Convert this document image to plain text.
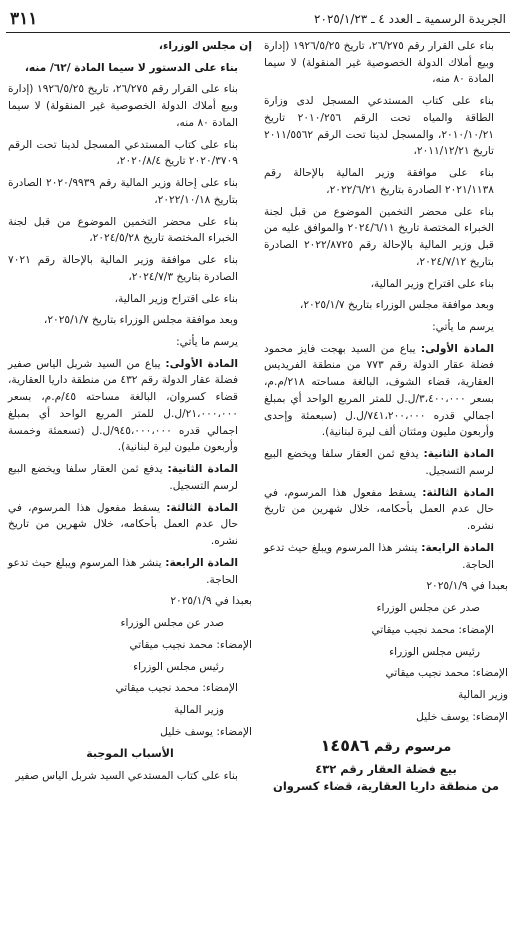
الجريدة الرسمية ـ العدد ٤ ـ ٢٠٢٥/١/٢٣
٣١١

بناء على القرار رقم ٢٦/٢٧٥، تاريخ ١٩٢٦/٥/٢٥ (إدارة وبيع أملاك الدولة الخصوصية غير المنقولة) لا سيما المادة ٨٠ منه،

بناء على كتاب المستدعي المسجل لدى وزارة الطاقة والمياه تحت الرقم ٢٠١٠/٢٥٦ تاريخ ٢٠١٠/١٠/٢١، والمسجل لدينا تحت الرقم ٢٠١١/٥٥٦٢ تاريخ ٢٠١١/١٢/٢١،

بناء على موافقة وزير المالية بالإحالة رقم ٢٠٢١/١١٣٨ الصادرة بتاريخ ٢٠٢٢/٦/٢١،

بناء على محضر التخمين الموضوع من قبل لجنة الخبراء المختصة تاريخ ٢٠٢٤/٦/١١ والموافق عليه من قبل وزير المالية بالإحالة رقم ٢٠٢٢/٨٧٢٥ الصادرة بتاريخ ٢٠٢٤/٧/١٢،

بناء على اقتراح وزير المالية،

وبعد موافقة مجلس الوزراء بتاريخ ٢٠٢٥/١/٧،

يرسم ما يأتي:

المادة الأولى: يباع من السيد بهجت فايز محمود فضلة عقار الدولة رقم ٧٧٣ من منطقة الفريديس العقارية، قضاء الشوف، البالغة مساحته ٢١٨/م.م، بسعر ٣،٤٠٠،٠٠٠/ل.ل للمتر المربع الواحد أي بمبلغ اجمالي قدره ٧٤١،٢٠٠،٠٠٠/ل.ل (سبعمئة وإحدى وأربعون مليون ومئتان ألف ليرة لبنانية).

المادة الثانية: يدفع ثمن العقار سلفا ويخضع البيع لرسم التسجيل.

المادة الثالثة: يسقط مفعول هذا المرسوم، في حال عدم العمل بأحكامه، خلال شهرين من تاريخ نشره.

المادة الرابعة: ينشر هذا المرسوم ويبلغ حيث تدعو الحاجة.

بعبدا في ٢٠٢٥/١/٩

صدر عن مجلس الوزراء

الإمضاء: محمد نجيب ميقاتي

رئيس مجلس الوزراء

الإمضاء: محمد نجيب ميقاتي

وزير المالية

الإمضاء: يوسف خليل

مرسوم رقم ١٤٥٨٦
بيع فضلة العقار رقم ٤٣٢
من منطقة داريا العقارية، قضاء كسروان

إن مجلس الوزراء،

بناء على الدستور لا سيما المادة /٦٢/ منه،

بناء على القرار رقم ٢٦/٢٧٥، تاريخ ١٩٢٦/٥/٢٥ (إدارة وبيع أملاك الدولة الخصوصية غير المنقولة) لا سيما المادة ٨٠ منه،

بناء على كتاب المستدعي المسجل لدينا تحت الرقم ٢٠٢٠/٣٧٠٩ تاريخ ٢٠٢٠/٨/٤،

بناء على إحالة وزير المالية رقم ٢٠٢٠/٩٩٣٩ الصادرة بتاريخ ٢٠٢٢/١٠/١٨،

بناء على محضر التخمين الموضوع من قبل لجنة الخبراء المختصة تاريخ ٢٠٢٤/٥/٢٨،

بناء على موافقة وزير المالية بالإحالة رقم ٧٠٢١ الصادرة بتاريخ ٢٠٢٤/٧/٣،

بناء على اقتراح وزير المالية،

وبعد موافقة مجلس الوزراء بتاريخ ٢٠٢٥/١/٧،

يرسم ما يأتي:

المادة الأولى: يباع من السيد شربل الياس صفير فضلة عقار الدولة رقم ٤٣٢ من منطقة داريا العقارية، قضاء كسروان، البالغة مساحته ٤٥/م.م، بسعر ٢١،٠٠٠،٠٠٠/ل.ل للمتر المربع الواحد أي بمبلغ اجمالي قدره ٩٤٥،٠٠٠،٠٠٠/ل.ل (تسعمئة وخمسة وأربعون مليون ليرة لبنانية).

المادة الثانية: يدفع ثمن العقار سلفا ويخضع البيع لرسم التسجيل.

المادة الثالثة: يسقط مفعول هذا المرسوم، في حال عدم العمل بأحكامه، خلال شهرين من تاريخ نشره.

المادة الرابعة: ينشر هذا المرسوم ويبلغ حيث تدعو الحاجة.

بعبدا في ٢٠٢٥/١/٩

صدر عن مجلس الوزراء

الإمضاء: محمد نجيب ميقاتي

رئيس مجلس الوزراء

الإمضاء: محمد نجيب ميقاتي

وزير المالية

الإمضاء: يوسف خليل

الأسباب الموجبة

بناء على كتاب المستدعي السيد شربل الياس صفير
